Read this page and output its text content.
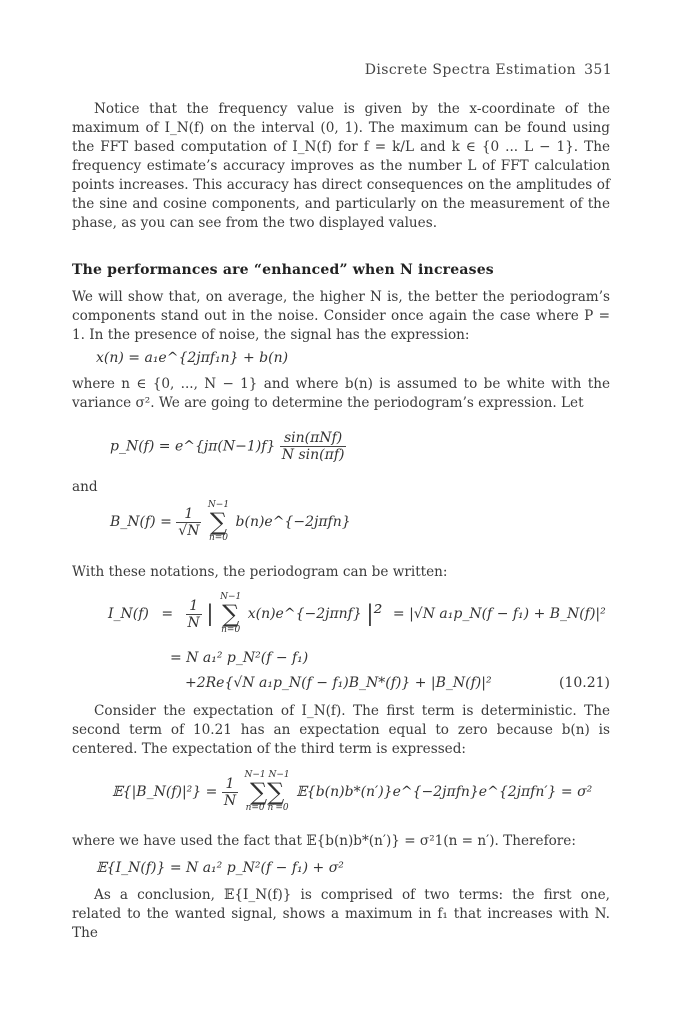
Discrete Spectra Estimation 351
Notice that the frequency value is given by the x-coordinate of the maximum of I_N(f) on the interval (0, 1). The maximum can be found using the FFT based computation of I_N(f) for f = k/L and k ∈ {0 ... L − 1}. The frequency estimate’s accuracy improves as the number L of FFT calculation points increases. This accuracy has direct consequences on the amplitudes of the sine and cosine components, and particularly on the measurement of the phase, as you can see from the two displayed values.
The performances are “enhanced” when N increases
We will show that, on average, the higher N is, the better the periodogram’s components stand out in the noise. Consider once again the case where P = 1. In the presence of noise, the signal has the expression:
x(n) = a₁e^{2jπf₁n} + b(n)
where n ∈ {0, ..., N − 1} and where b(n) is assumed to be white with the variance σ². We are going to determine the periodogram’s expression. Let
p_N(f) = e^{jπ(N−1)f} $\frac{\text{sin(πNf)}}{\text{N sin(πf)}}$
and
B_N(f) = $\frac{1}{√N}$

N−1
∑
n=0
b(n)e^{−2jπfn}
With these notations, the periodogram can be written:
I_N(f) = $\frac{1}{N}$ |
N−1
∑
n=0
x(n)e^{−2jπnf} |² = |√N a₁p_N(f − f₁) + B_N(f)|²
= N a₁² p_N²(f − f₁)
+2Re{√N a₁p_N(f − f₁)B_N*(f)} + |B_N(f)|²	(10.21)
Consider the expectation of I_N(f). The first term is deterministic. The second term of 10.21 has an expectation equal to zero because b(n) is centered. The expectation of the third term is expressed:
𝔼{|B_N(f)|²} = $\frac{1}{N}$

N−1 N−1
∑∑
n=0 n′=0
𝔼{b(n)b*(n′)}e^{−2jπfn}e^{2jπfn′} = σ²
where we have used the fact that 𝔼{b(n)b*(n′)} = σ²1(n = n′). Therefore:
𝔼{I_N(f)} = N a₁² p_N²(f − f₁) + σ²
As a conclusion, 𝔼{I_N(f)} is comprised of two terms: the first one, related to the wanted signal, shows a maximum in f₁ that increases with N. The
